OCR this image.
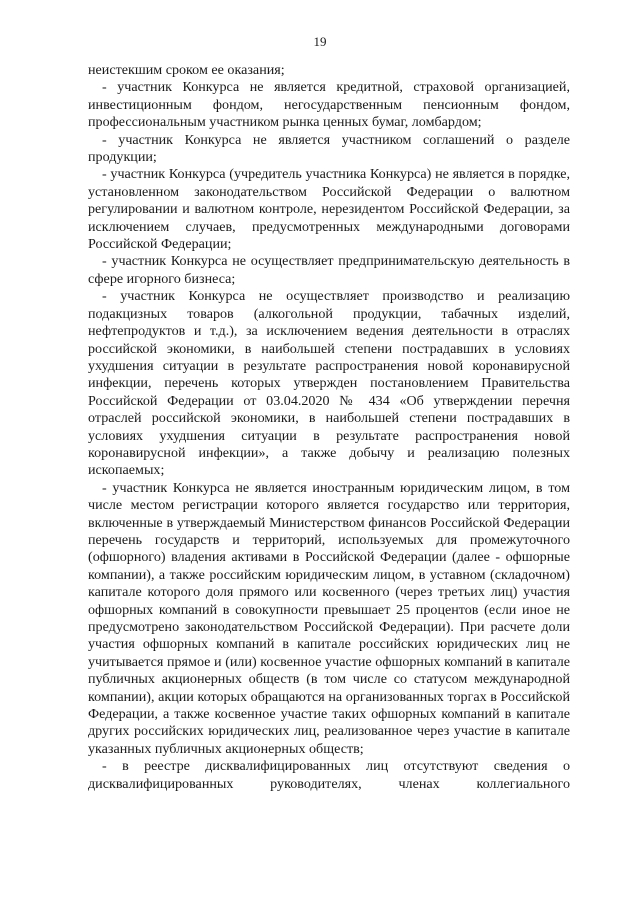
19

неистекшим сроком ее оказания;

- участник Конкурса не является кредитной, страховой организацией, инвестиционным фондом, негосударственным пенсионным фондом, профессиональным участником рынка ценных бумаг, ломбардом;

- участник Конкурса не является участником соглашений о разделе продукции;

- участник Конкурса (учредитель участника Конкурса) не является в порядке, установленном законодательством Российской Федерации о валютном регулировании и валютном контроле, нерезидентом Российской Федерации, за исключением случаев, предусмотренных международными договорами Российской Федерации;

- участник Конкурса не осуществляет предпринимательскую деятельность в сфере игорного бизнеса;

- участник Конкурса не осуществляет производство и реализацию подакцизных товаров (алкогольной продукции, табачных изделий, нефтепродуктов и т.д.), за исключением ведения деятельности в отраслях российской экономики, в наибольшей степени пострадавших в условиях ухудшения ситуации в результате распространения новой коронавирусной инфекции, перечень которых утвержден постановлением Правительства Российской Федерации от 03.04.2020 № 434 «Об утверждении перечня отраслей российской экономики, в наибольшей степени пострадавших в условиях ухудшения ситуации в результате распространения новой коронавирусной инфекции», а также добычу и реализацию полезных ископаемых;

- участник Конкурса не является иностранным юридическим лицом, в том числе местом регистрации которого является государство или территория, включенные в утверждаемый Министерством финансов Российской Федерации перечень государств и территорий, используемых для промежуточного (офшорного) владения активами в Российской Федерации (далее - офшорные компании), а также российским юридическим лицом, в уставном (складочном) капитале которого доля прямого или косвенного (через третьих лиц) участия офшорных компаний в совокупности превышает 25 процентов (если иное не предусмотрено законодательством Российской Федерации). При расчете доли участия офшорных компаний в капитале российских юридических лиц не учитывается прямое и (или) косвенное участие офшорных компаний в капитале публичных акционерных обществ (в том числе со статусом международной компании), акции которых обращаются на организованных торгах в Российской Федерации, а также косвенное участие таких офшорных компаний в капитале других российских юридических лиц, реализованное через участие в капитале указанных публичных акционерных обществ;

- в реестре дисквалифицированных лиц отсутствуют сведения о дисквалифицированных руководителях, членах коллегиального
